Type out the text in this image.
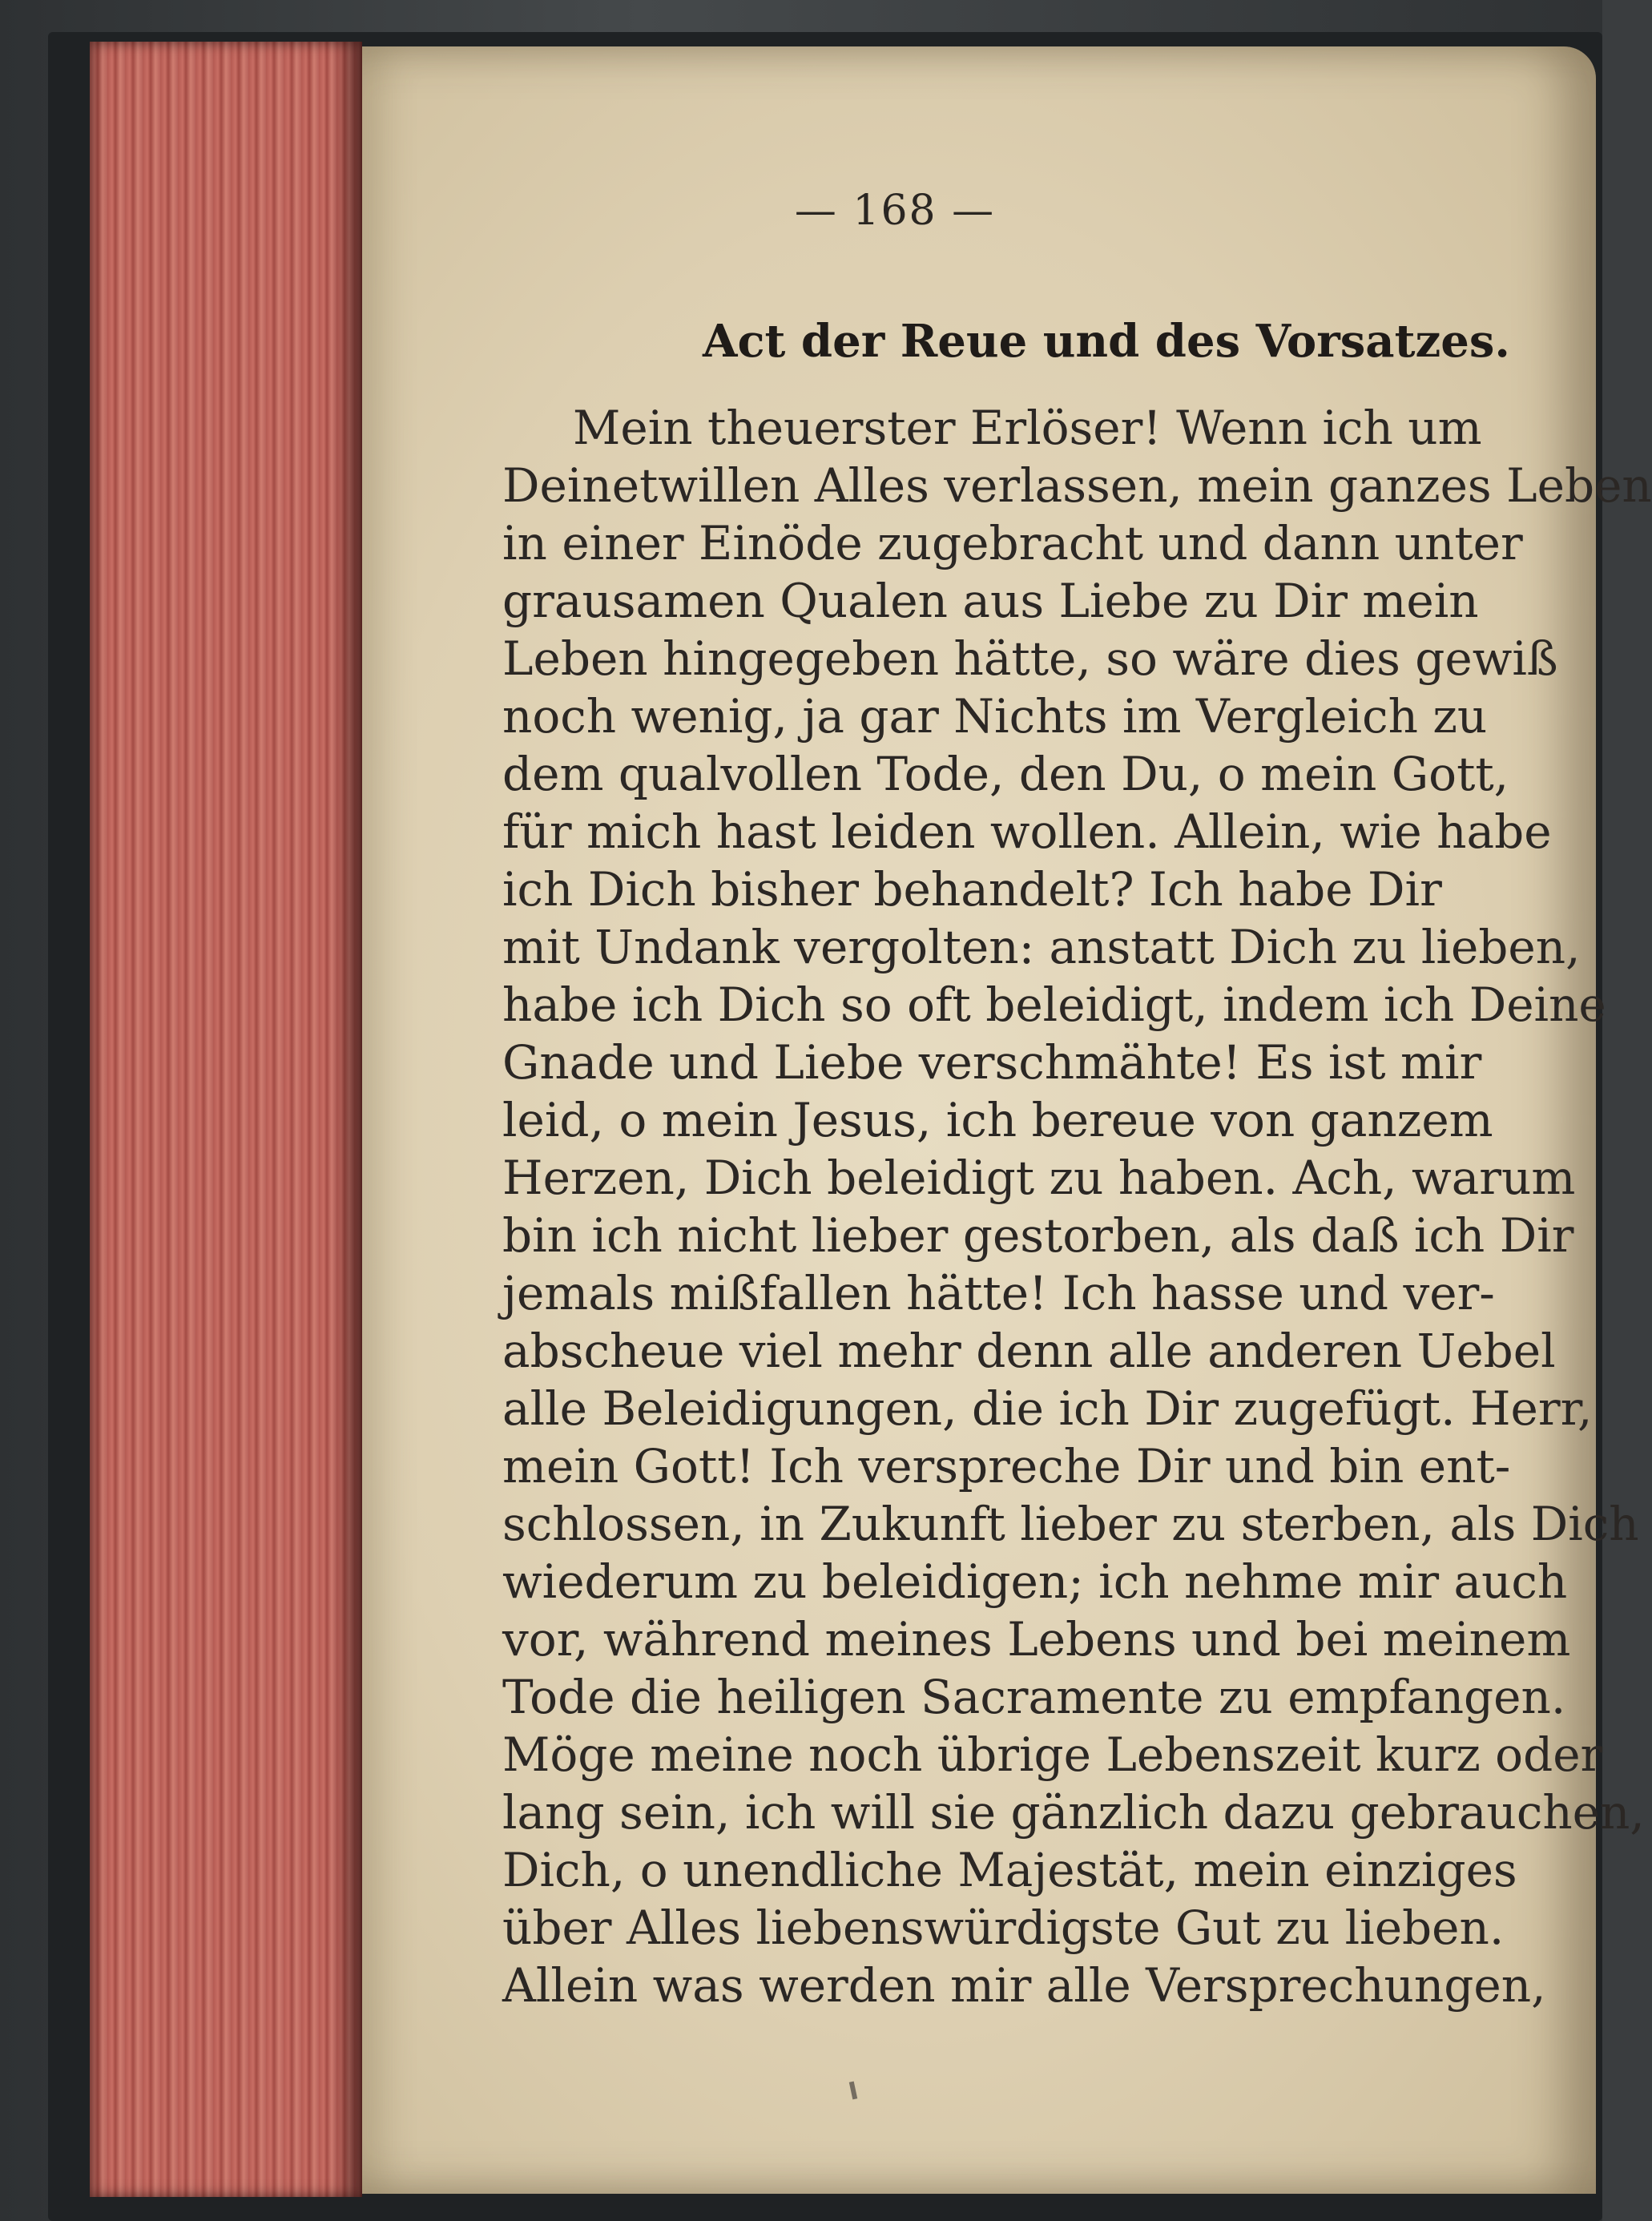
— 168 —
Act der Reue und des Vorsatzes.
Mein theuerster Erlöser! Wenn ich um
Deinetwillen Alles verlassen, mein ganzes Leben
in einer Einöde zugebracht und dann unter
grausamen Qualen aus Liebe zu Dir mein
Leben hingegeben hätte, so wäre dies gewiß
noch wenig, ja gar Nichts im Vergleich zu
dem qualvollen Tode, den Du, o mein Gott,
für mich hast leiden wollen. Allein, wie habe
ich Dich bisher behandelt? Ich habe Dir
mit Undank vergolten: anstatt Dich zu lieben,
habe ich Dich so oft beleidigt, indem ich Deine
Gnade und Liebe verschmähte! Es ist mir
leid, o mein Jesus, ich bereue von ganzem
Herzen, Dich beleidigt zu haben. Ach, warum
bin ich nicht lieber gestorben, als daß ich Dir
jemals mißfallen hätte! Ich hasse und ver-
abscheue viel mehr denn alle anderen Uebel
alle Beleidigungen, die ich Dir zugefügt. Herr,
mein Gott! Ich verspreche Dir und bin ent-
schlossen, in Zukunft lieber zu sterben, als Dich
wiederum zu beleidigen; ich nehme mir auch
vor, während meines Lebens und bei meinem
Tode die heiligen Sacramente zu empfangen.
Möge meine noch übrige Lebenszeit kurz oder
lang sein, ich will sie gänzlich dazu gebrauchen,
Dich, o unendliche Majestät, mein einziges
über Alles liebenswürdigste Gut zu lieben.
Allein was werden mir alle Versprechungen,
